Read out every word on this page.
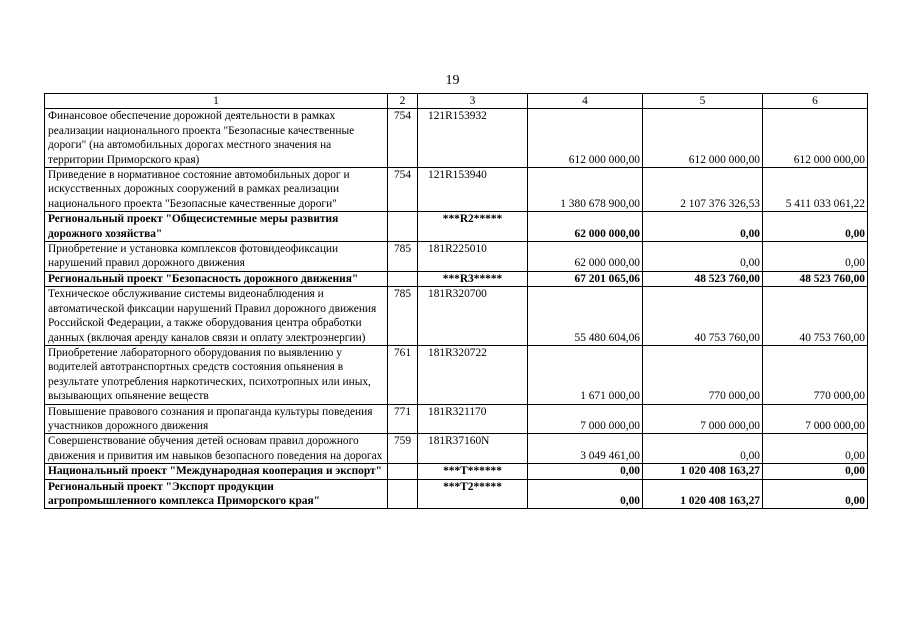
19
1	2	3	4	5	6
Финансовое обеспечение дорожной деятельности в рамках реализации национального проекта "Безопасные качественные дороги" (на автомобильных дорогах местного значения на территории Приморского края)	754	121R153932	612 000 000,00	612 000 000,00	612 000 000,00
Приведение в нормативное состояние автомобильных дорог и искусственных дорожных сооружений в рамках реализации национального проекта "Безопасные качественные дороги"	754	121R153940	1 380 678 900,00	2 107 376 326,53	5 411 033 061,22
Региональный проект "Общесистемные меры развития дорожного хозяйства"		***R2*****	62 000 000,00	0,00	0,00
Приобретение и установка комплексов фотовидеофиксации нарушений правил дорожного движения	785	181R225010	62 000 000,00	0,00	0,00
Региональный проект "Безопасность дорожного движения"		***R3*****	67 201 065,06	48 523 760,00	48 523 760,00
Техническое обслуживание системы видеонаблюдения и автоматической фиксации нарушений Правил дорожного движения Российской Федерации, а также оборудования центра обработки данных (включая аренду каналов связи и оплату электроэнергии)	785	181R320700	55 480 604,06	40 753 760,00	40 753 760,00
Приобретение лабораторного оборудования по выявлению у водителей автотранспортных средств состояния опьянения в результате употребления наркотических, психотропных или иных, вызывающих опьянение веществ	761	181R320722	1 671 000,00	770 000,00	770 000,00
Повышение правового сознания и пропаганда культуры поведения участников дорожного движения	771	181R321170	7 000 000,00	7 000 000,00	7 000 000,00
Совершенствование обучения детей основам правил дорожного движения и привития им навыков безопасного поведения на дорогах	759	181R37160N	3 049 461,00	0,00	0,00
Национальный проект "Международная кооперация и экспорт"		***T******	0,00	1 020 408 163,27	0,00
Региональный проект "Экспорт продукции агропромышленного комплекса Приморского края"		***T2*****	0,00	1 020 408 163,27	0,00
